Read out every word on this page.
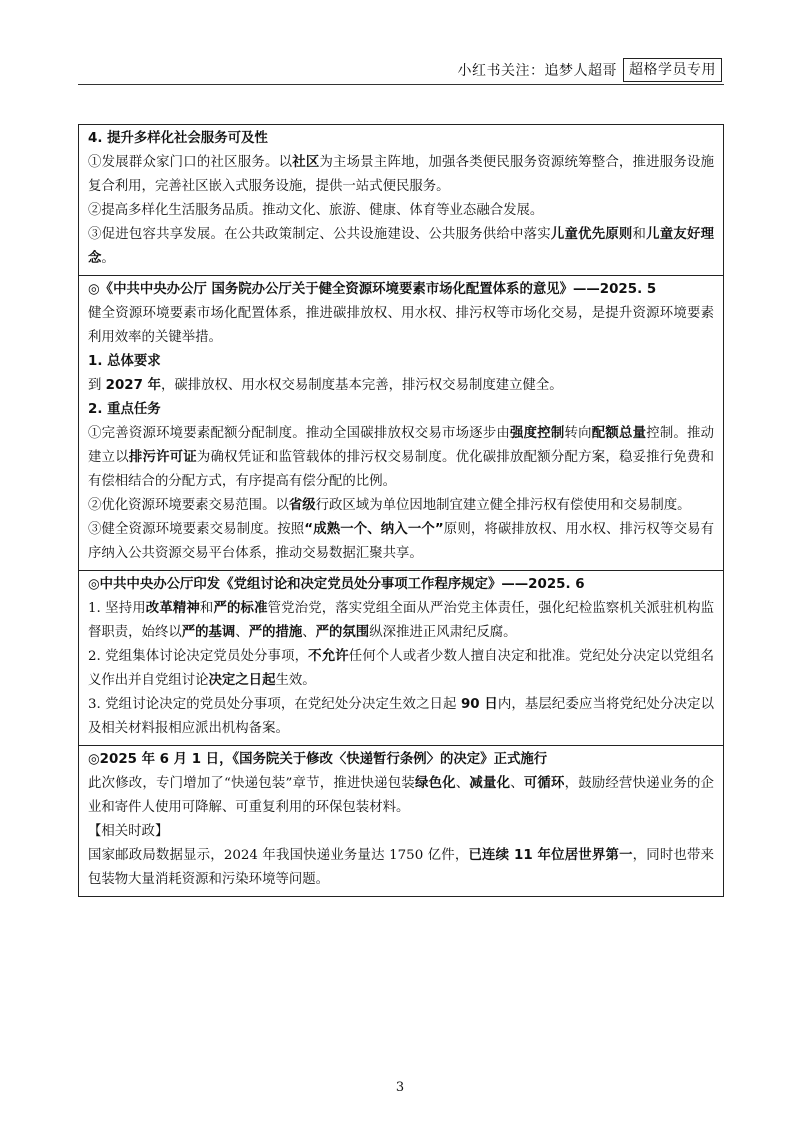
小红书关注：追梦人超哥 超格学员专用

4. 提升多样化社会服务可及性

①发展群众家门口的社区服务。以社区为主场景主阵地，加强各类便民服务资源统筹整合，推进服务设施复合利用，完善社区嵌入式服务设施，提供一站式便民服务。

②提高多样化生活服务品质。推动文化、旅游、健康、体育等业态融合发展。

③促进包容共享发展。在公共政策制定、公共设施建设、公共服务供给中落实儿童优先原则和儿童友好理念。

◎《中共中央办公厅 国务院办公厅关于健全资源环境要素市场化配置体系的意见》——2025. 5

健全资源环境要素市场化配置体系，推进碳排放权、用水权、排污权等市场化交易，是提升资源环境要素利用效率的关键举措。

1. 总体要求

到 2027 年，碳排放权、用水权交易制度基本完善，排污权交易制度建立健全。

2. 重点任务

①完善资源环境要素配额分配制度。推动全国碳排放权交易市场逐步由强度控制转向配额总量控制。推动建立以排污许可证为确权凭证和监管载体的排污权交易制度。优化碳排放配额分配方案，稳妥推行免费和有偿相结合的分配方式，有序提高有偿分配的比例。

②优化资源环境要素交易范围。以省级行政区域为单位因地制宜建立健全排污权有偿使用和交易制度。

③健全资源环境要素交易制度。按照“成熟一个、纳入一个”原则，将碳排放权、用水权、排污权等交易有序纳入公共资源交易平台体系，推动交易数据汇聚共享。

◎中共中央办公厅印发《党组讨论和决定党员处分事项工作程序规定》——2025. 6

1. 坚持用改革精神和严的标准管党治党，落实党组全面从严治党主体责任，强化纪检监察机关派驻机构监督职责，始终以严的基调、严的措施、严的氛围纵深推进正风肃纪反腐。

2. 党组集体讨论决定党员处分事项，不允许任何个人或者少数人擅自决定和批准。党纪处分决定以党组名义作出并自党组讨论决定之日起生效。

3. 党组讨论决定的党员处分事项，在党纪处分决定生效之日起 90 日内，基层纪委应当将党纪处分决定以及相关材料报相应派出机构备案。

◎2025 年 6 月 1 日，《国务院关于修改〈快递暂行条例〉的决定》正式施行

此次修改，专门增加了“快递包装”章节，推进快递包装绿色化、减量化、可循环，鼓励经营快递业务的企业和寄件人使用可降解、可重复利用的环保包装材料。

【相关时政】

国家邮政局数据显示，2024 年我国快递业务量达 1750 亿件，已连续 11 年位居世界第一，同时也带来包装物大量消耗资源和污染环境等问题。

3
